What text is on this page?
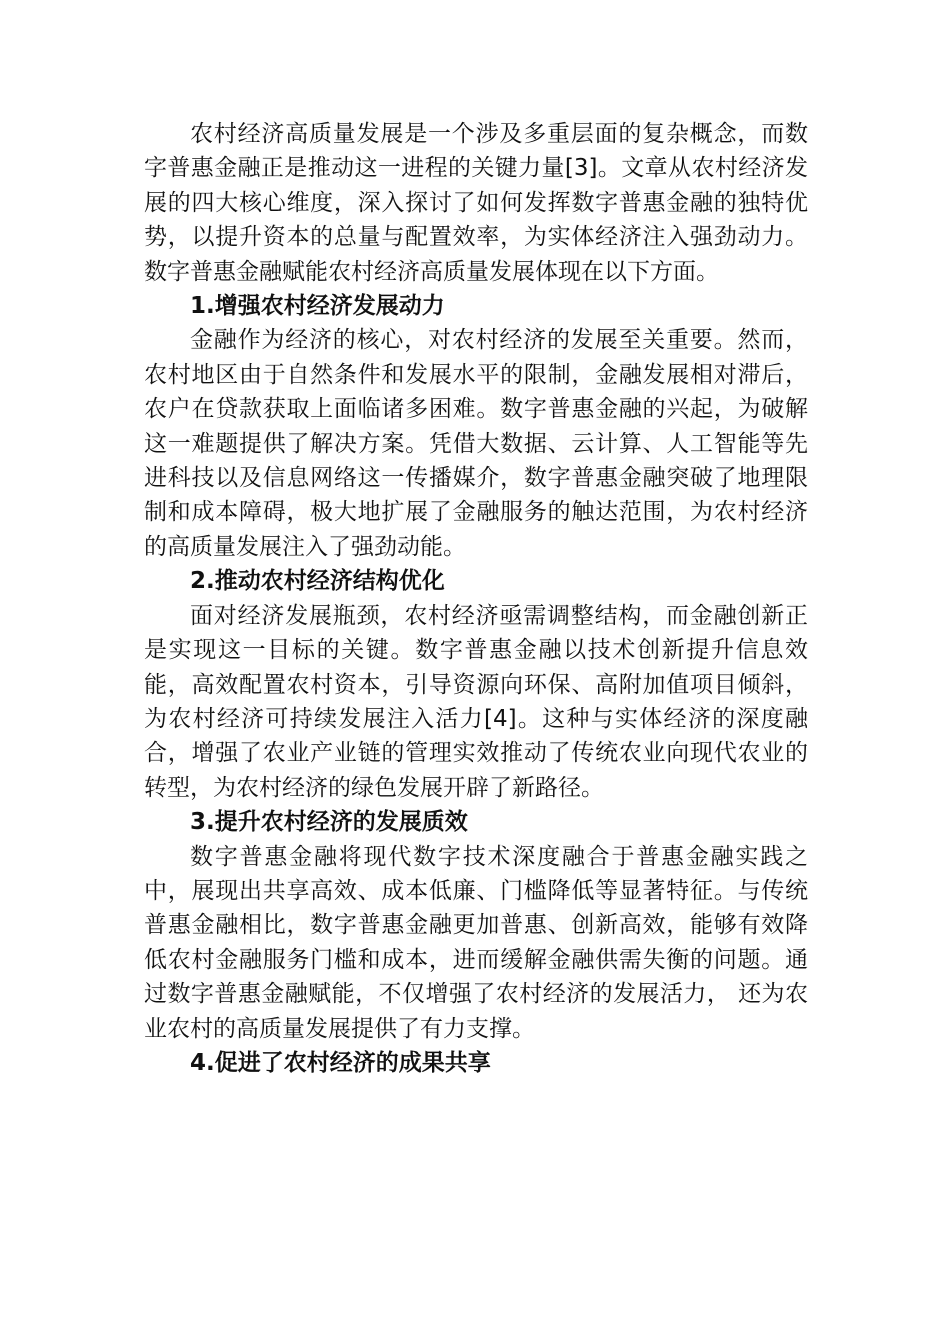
农村经济高质量发展是一个涉及多重层面的复杂概念，而数字普惠金融正是推动这一进程的关键力量[3]。文章从农村经济发展的四大核心维度，深入探讨了如何发挥数字普惠金融的独特优势，以提升资本的总量与配置效率，为实体经济注入强劲动力。数字普惠金融赋能农村经济高质量发展体现在以下方面。

1.增强农村经济发展动力

金融作为经济的核心，对农村经济的发展至关重要。然而，农村地区由于自然条件和发展水平的限制，金融发展相对滞后，农户在贷款获取上面临诸多困难。数字普惠金融的兴起，为破解这一难题提供了解决方案。凭借大数据、云计算、人工智能等先进科技以及信息网络这一传播媒介，数字普惠金融突破了地理限制和成本障碍，极大地扩展了金融服务的触达范围，为农村经济的高质量发展注入了强劲动能。

2.推动农村经济结构优化

面对经济发展瓶颈，农村经济亟需调整结构，而金融创新正是实现这一目标的关键。数字普惠金融以技术创新提升信息效能，高效配置农村资本，引导资源向环保、高附加值项目倾斜，为农村经济可持续发展注入活力[4]。这种与实体经济的深度融合，增强了农业产业链的管理实效推动了传统农业向现代农业的转型，为农村经济的绿色发展开辟了新路径。

3.提升农村经济的发展质效

数字普惠金融将现代数字技术深度融合于普惠金融实践之中，展现出共享高效、成本低廉、门槛降低等显著特征。与传统普惠金融相比，数字普惠金融更加普惠、创新高效，能够有效降低农村金融服务门槛和成本，进而缓解金融供需失衡的问题。通过数字普惠金融赋能，不仅增强了农村经济的发展活力， 还为农业农村的高质量发展提供了有力支撑。

4.促进了农村经济的成果共享
